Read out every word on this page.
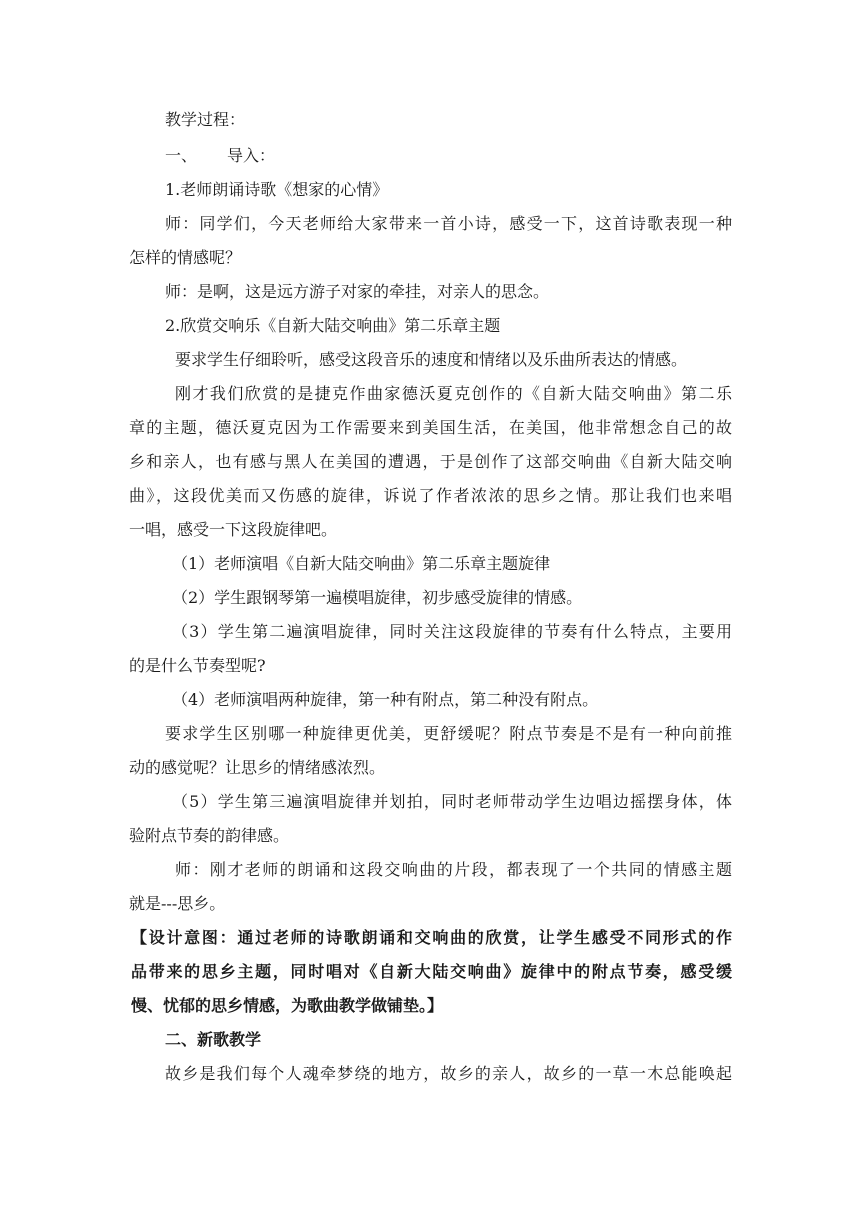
教学过程：
一、 导入：
1.老师朗诵诗歌《想家的心情》
师：同学们，今天老师给大家带来一首小诗，感受一下，这首诗歌表现一种
怎样的情感呢？
师：是啊，这是远方游子对家的牵挂，对亲人的思念。
2.欣赏交响乐《自新大陆交响曲》第二乐章主题
要求学生仔细聆听，感受这段音乐的速度和情绪以及乐曲所表达的情感。
刚才我们欣赏的是捷克作曲家德沃夏克创作的《自新大陆交响曲》第二乐
章的主题，德沃夏克因为工作需要来到美国生活，在美国，他非常想念自己的故
乡和亲人，也有感与黑人在美国的遭遇，于是创作了这部交响曲《自新大陆交响
曲》，这段优美而又伤感的旋律，诉说了作者浓浓的思乡之情。那让我们也来唱
一唱，感受一下这段旋律吧。
（1）老师演唱《自新大陆交响曲》第二乐章主题旋律
（2）学生跟钢琴第一遍模唱旋律，初步感受旋律的情感。
（3）学生第二遍演唱旋律，同时关注这段旋律的节奏有什么特点，主要用
的是什么节奏型呢?
（4）老师演唱两种旋律，第一种有附点，第二种没有附点。
要求学生区别哪一种旋律更优美，更舒缓呢？附点节奏是不是有一种向前推
动的感觉呢？让思乡的情绪感浓烈。
（5）学生第三遍演唱旋律并划拍，同时老师带动学生边唱边摇摆身体，体
验附点节奏的韵律感。
师：刚才老师的朗诵和这段交响曲的片段，都表现了一个共同的情感主题
就是---思乡。
【设计意图：通过老师的诗歌朗诵和交响曲的欣赏，让学生感受不同形式的作
品带来的思乡主题，同时唱对《自新大陆交响曲》旋律中的附点节奏，感受缓
慢、忧郁的思乡情感，为歌曲教学做铺垫。】
二、新歌教学
故乡是我们每个人魂牵梦绕的地方，故乡的亲人，故乡的一草一木总能唤起
